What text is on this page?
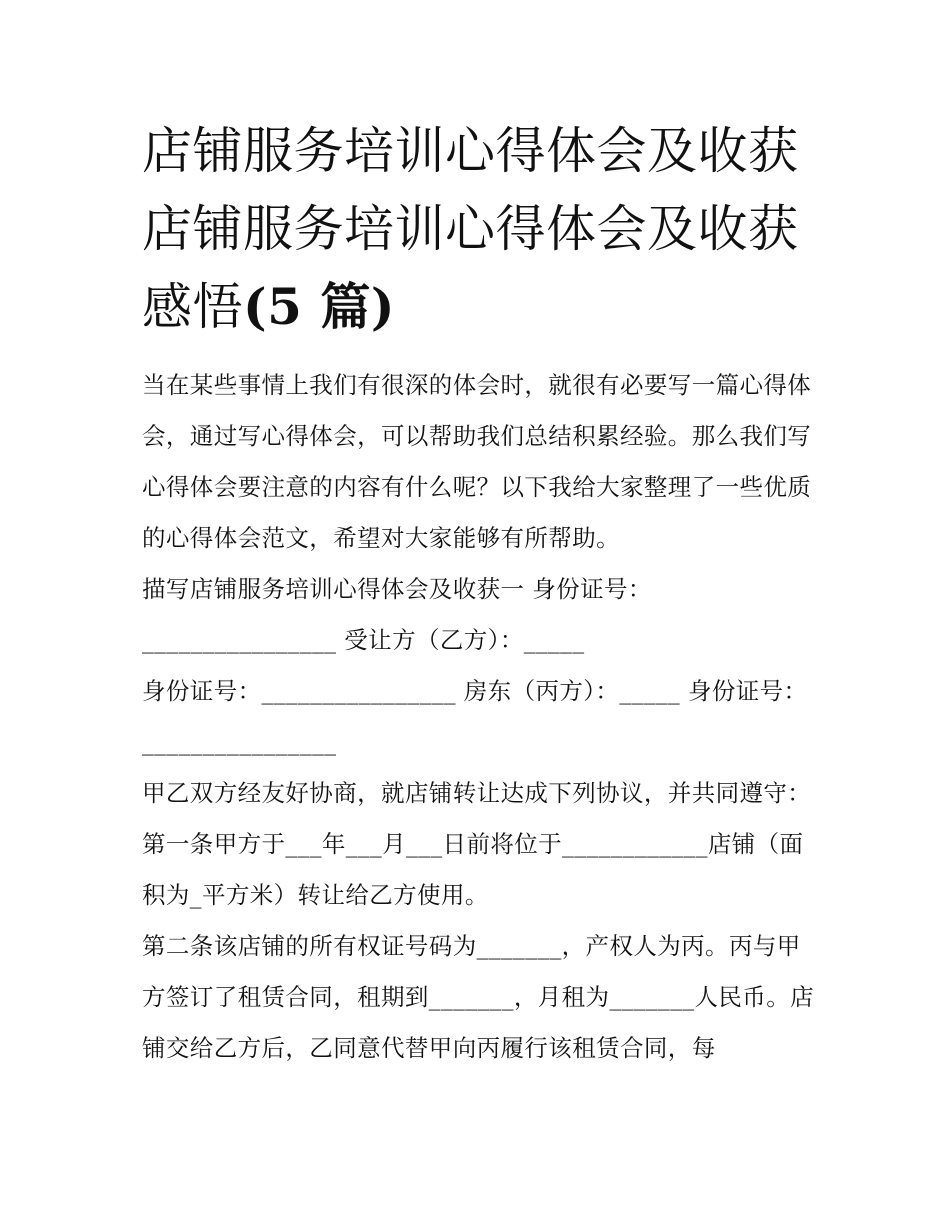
店铺服务培训心得体会及收获
店铺服务培训心得体会及收获
感悟(5 篇)

当在某些事情上我们有很深的体会时，就很有必要写一篇心得体会，通过写心得体会，可以帮助我们总结积累经验。那么我们写心得体会要注意的内容有什么呢？以下我给大家整理了一些优质的心得体会范文，希望对大家能够有所帮助。

描写店铺服务培训心得体会及收获一 身份证号：________________ 受让方（乙方）：_____

身份证号：________________ 房东（丙方）：_____ 身份证号：________________

甲乙双方经友好协商，就店铺转让达成下列协议，并共同遵守：

第一条甲方于___年___月___日前将位于____________店铺（面积为_平方米）转让给乙方使用。

第二条该店铺的所有权证号码为_______，产权人为丙。丙与甲方签订了租赁合同，租期到_______，月租为_______人民币。店铺交给乙方后，乙同意代替甲向丙履行该租赁合同，每
